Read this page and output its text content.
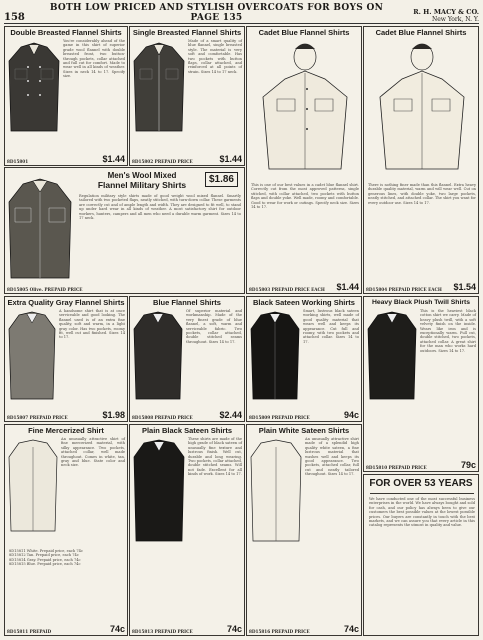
158
BOTH LOW PRICED AND STYLISH OVERCOATS FOR BOYS ON PAGE 135
R. H. MACY & CO.
New York, N. Y.
Double Breasted Flannel Shirts
You're considerably ahead of the game in this shirt of superior grade wool flannel with double breasted front, two button-through pockets, collar attached and full cut for comfort. Made to wear well in all kinds of weather. Sizes in neck 14 to 17. Specify size.
8D15801	$1.44
Single Breasted Flannel Shirts
Made of a smart quality of blue flannel, single breasted style. The material is very soft and comfortable. Has two pockets with button flaps, collar attached, and reinforced at all points of strain. Sizes 14 to 17 neck.
8D15802 PREPAID PRICE	$1.44
Cadet Blue Flannel Shirts
This is one of our best values in a cadet blue flannel shirt. Correctly cut from the most approved patterns, single stitched, with collar attached, two pockets with button flaps and double yoke. Well made, roomy and comfortable. Good to wear for work or outings. Specify neck size. Sizes 14 to 17.
8D15803 PREPAID PRICE EACH $1.44
Cadet Blue Flannel Shirts
There is nothing finer made than this flannel. Extra heavy durable quality material, warm and will wear well. Cut on generous lines, with double yoke, two large pockets, neatly stitched, and attached collar. The shirt you want for every outdoor use. Sizes 14 to 17.
8D15804 PREPAID PRICE EACH $1.54
Men's Wool Mixed
Flannel Military Shirts	$1.86
Regulation military style shirts made of good weight wool mixed flannel. Smartly tailored with two pocketed flaps, neatly stitched, with turn-down collar. These garments are correctly cut and of ample length and width. They are designed to fit well, to stand up under hard wear in all kinds of weather. A most satisfactory shirt for outdoor workers, hunters, campers and all men who need a durable warm garment. Sizes 14 to 17 neck.
8D15805 Olive. PREPAID PRICE
Extra Quality Gray Flannel Shirts
A handsome shirt that is at once serviceable and good looking. The flannel used is of an extra fine quality, soft and warm, in a light gray color. Has two pockets, roomy fit, well cut and finished. Sizes 14 to 17.
8D15807 PREPAID PRICE	$1.98
Blue Flannel Shirts
Of superior material and workmanship. Made of the very finest grade of blue flannel, a soft, warm and serviceable fabric. Two pockets, collar attached, double stitched seams throughout. Sizes 14 to 17.
8D15808 PREPAID PRICE	$2.44
Black Sateen Working Shirts
Smart, lustrous black sateen working shirts, well made of good quality material that wears well and keeps its appearance. Cut full and roomy, with two pockets and attached collar. Sizes 14 to 17.
8D15809 PREPAID PRICE	94c
Heavy Black Plush Twill Shirts
This is the heaviest black cotton shirt we carry. Made of heavy plush twill, with a soft velvety finish on the inside. Wears like iron and is exceptionally warm. Full cut, double stitched, two pockets, attached collar. A great shirt for the man who works hard outdoors. Sizes 14 to 17.
8D15810 PREPAID PRICE	79c
Fine Mercerized Shirt
An unusually attractive shirt of fine mercerized material, with silky appearance. Two pockets, attached collar, well made throughout. Comes in white, tan, gray and blue. State color and neck size.
8D15811 White. Prepaid price, each 74c
8D15812 Tan. Prepaid price, each 74c
8D15814 Gray. Prepaid price, each 74c
8D15815 Blue. Prepaid price, each 74c
8D15811 PREPAID	74c
Plain Black Sateen Shirts
These shirts are made of the high grade of black sateen of unusually fine texture and lustrous finish. Well cut, durable and long wearing. Two pockets, collar attached, double stitched seams. Will not fade. Excellent for all kinds of work. Sizes 14 to 17.
8D15813 PREPAID PRICE	74c
Plain White Sateen Shirts
An unusually attractive shirt made of a splendid high quality white sateen, a fine lustrous material that washes well and keeps its good appearance. Two pockets, attached collar, full cut and neatly tailored throughout. Sizes 14 to 17.
8D15816 PREPAID PRICE	74c
FOR OVER 53 YEARS
We have conducted one of the most successful business enterprises in the world. We have always bought and sold for cash, and our policy has always been to give our customers the best possible values at the lowest possible prices. Our buyers are constantly in touch with the best markets, and we can assure you that every article in this catalog represents the utmost in quality and value.
